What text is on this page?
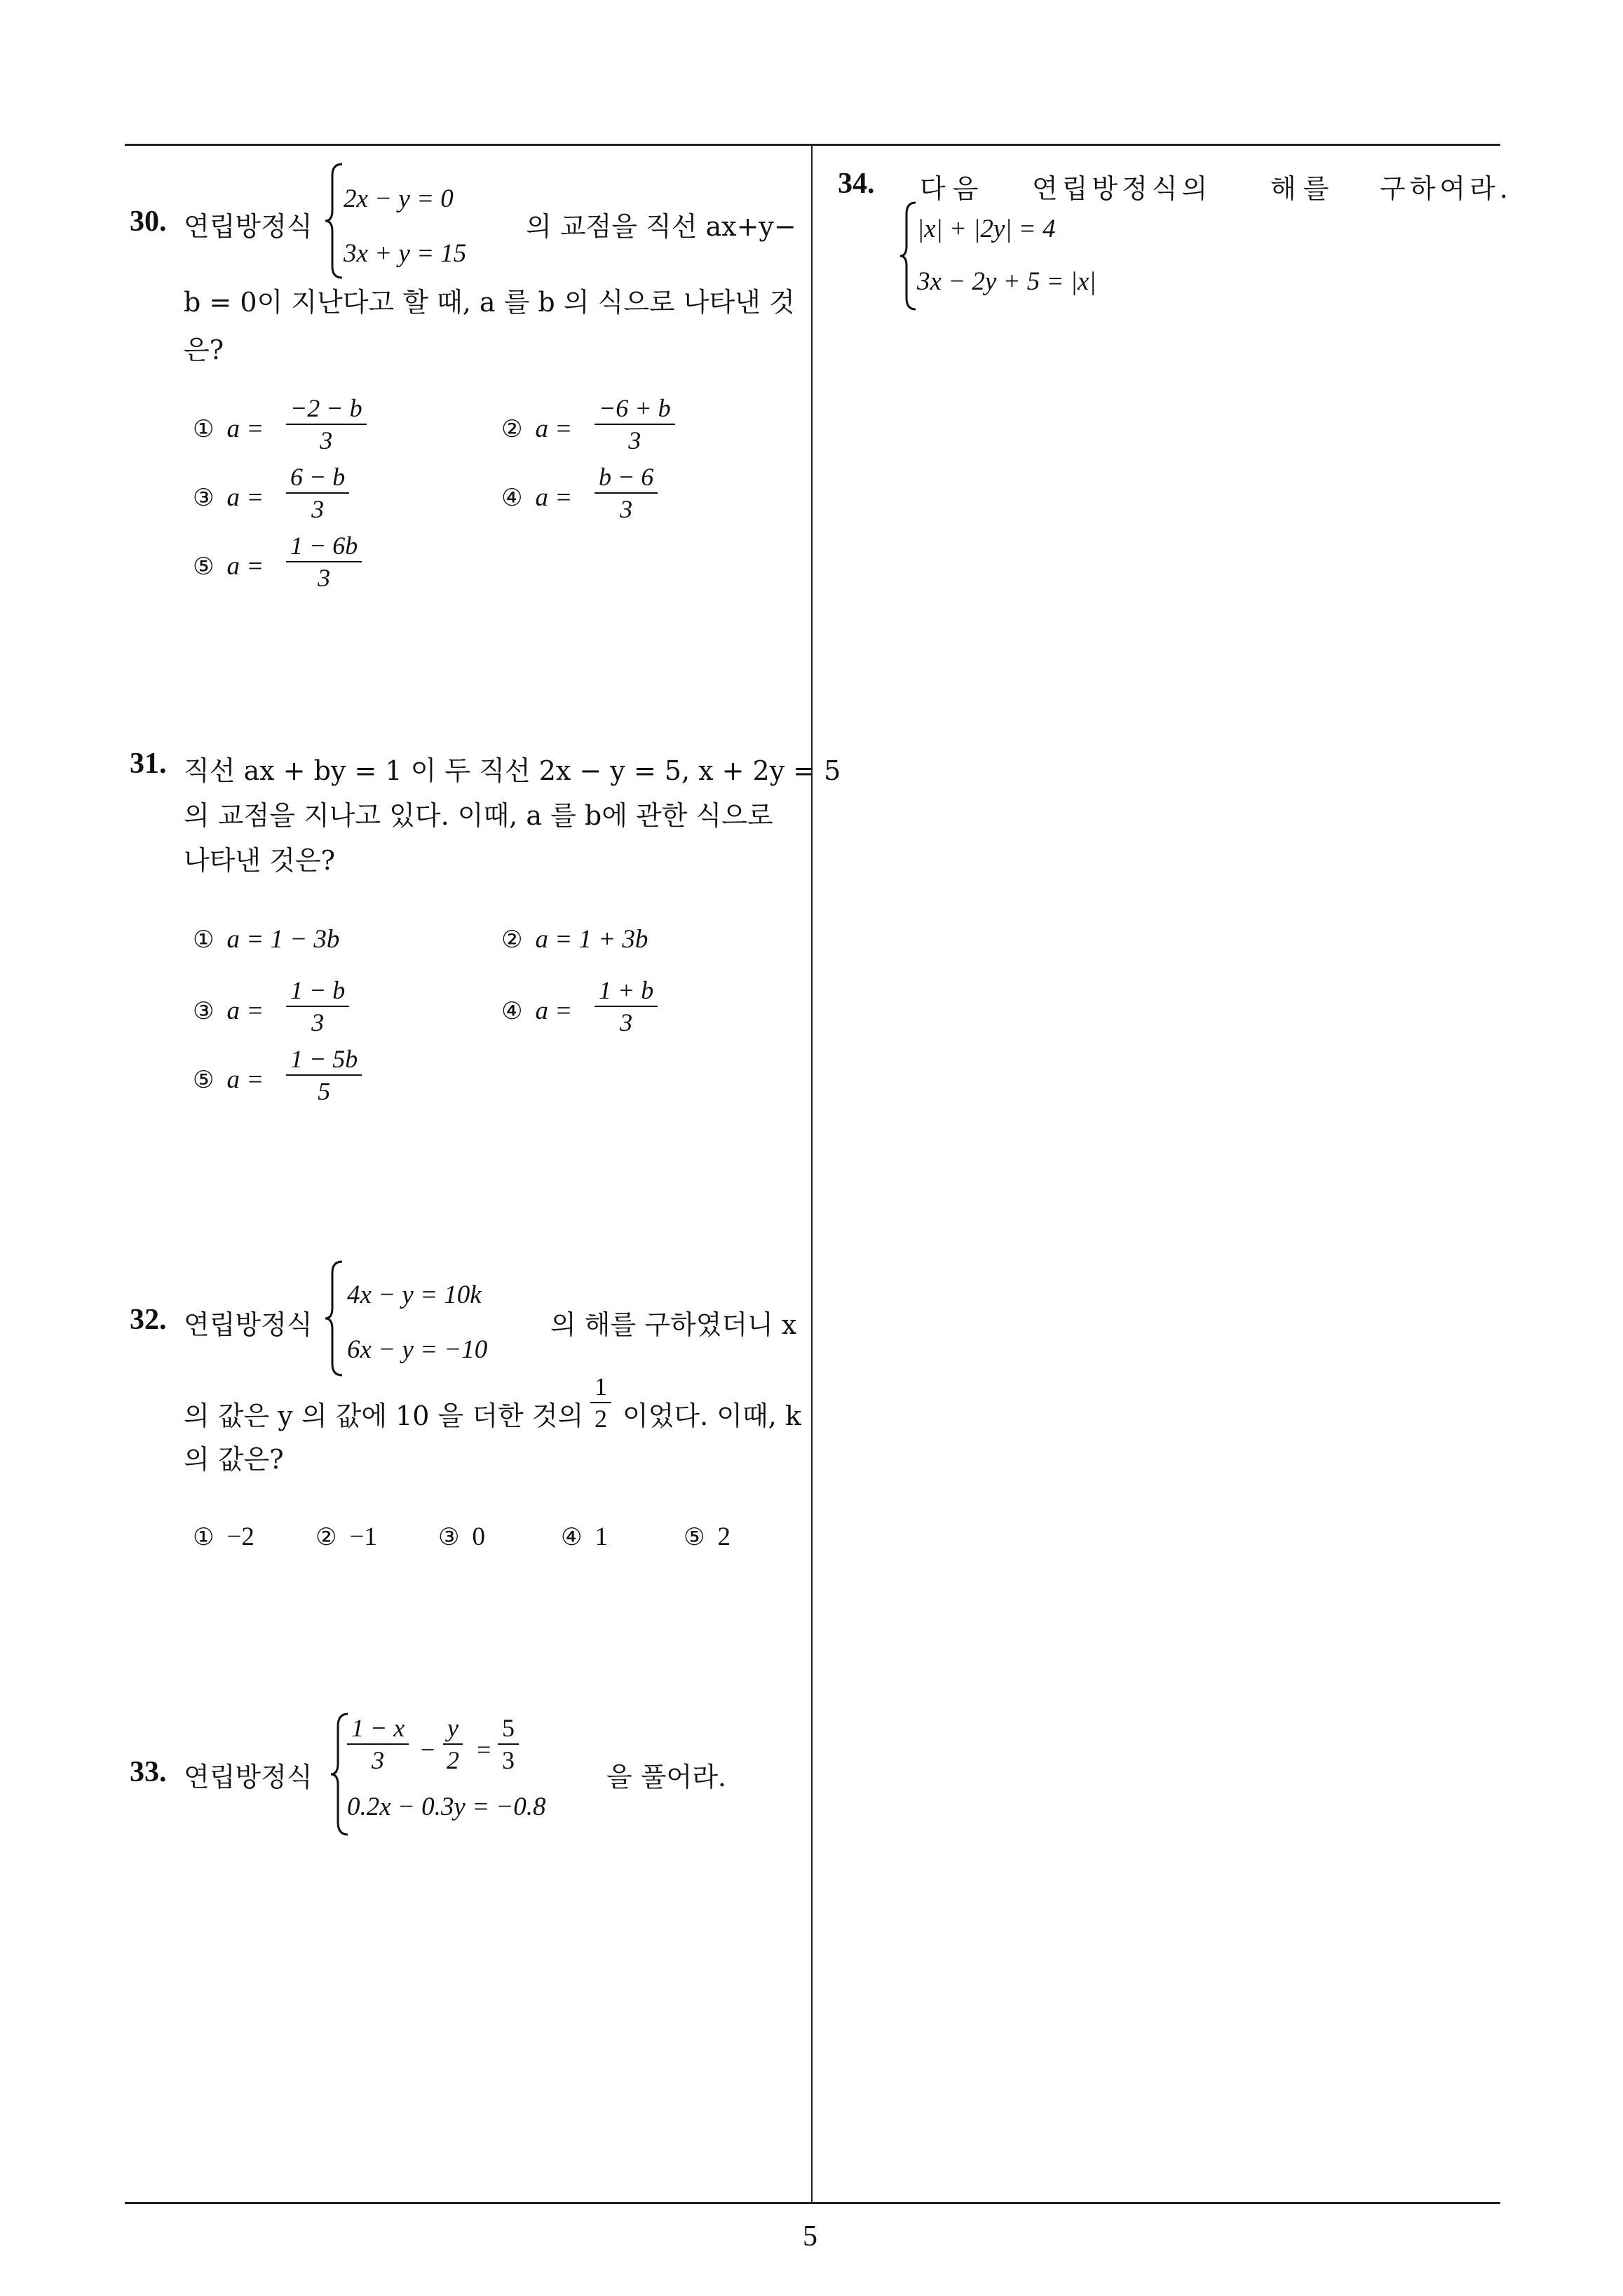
5
30. 연립방정식
2x − y = 0
3x + y = 15
의 교점을 직선 ax+y−
b = 0이 지난다고 할 때, a 를 b 의 식으로 나타낸 것
은?
① a =
−2 − b
3	② a =
−6 + b
3
③ a =
6 − b
3	④ a =
b − 6
3
⑤ a =
1 − 6b
3
31. 직선 ax + by = 1 이 두 직선 2x − y = 5, x + 2y = 5
의 교점을 지나고 있다. 이때, a 를 b에 관한 식으로
나타낸 것은?
① a = 1 − 3b	② a = 1 + 3b
③ a =
1 − b
3	④ a =
1 + b
3
⑤ a =
1 − 5b
5
32. 연립방정식
4x − y = 10k
6x − y = −10
의 해를 구하였더니 x
의 값은 y 의 값에 10 을 더한 것의
1
2 이었다. 이때, k
의 값은?
① −2	② −1	③ 0	④ 1	⑤ 2
33. 연립방정식
1 − x
3 −
y
2 =
5
3
0.2x − 0.3y = −0.8
을 풀어라.
34. 다음 연립방정식의 해를 구하여라.
|x| + |2y| = 4
3x − 2y + 5 = |x|
